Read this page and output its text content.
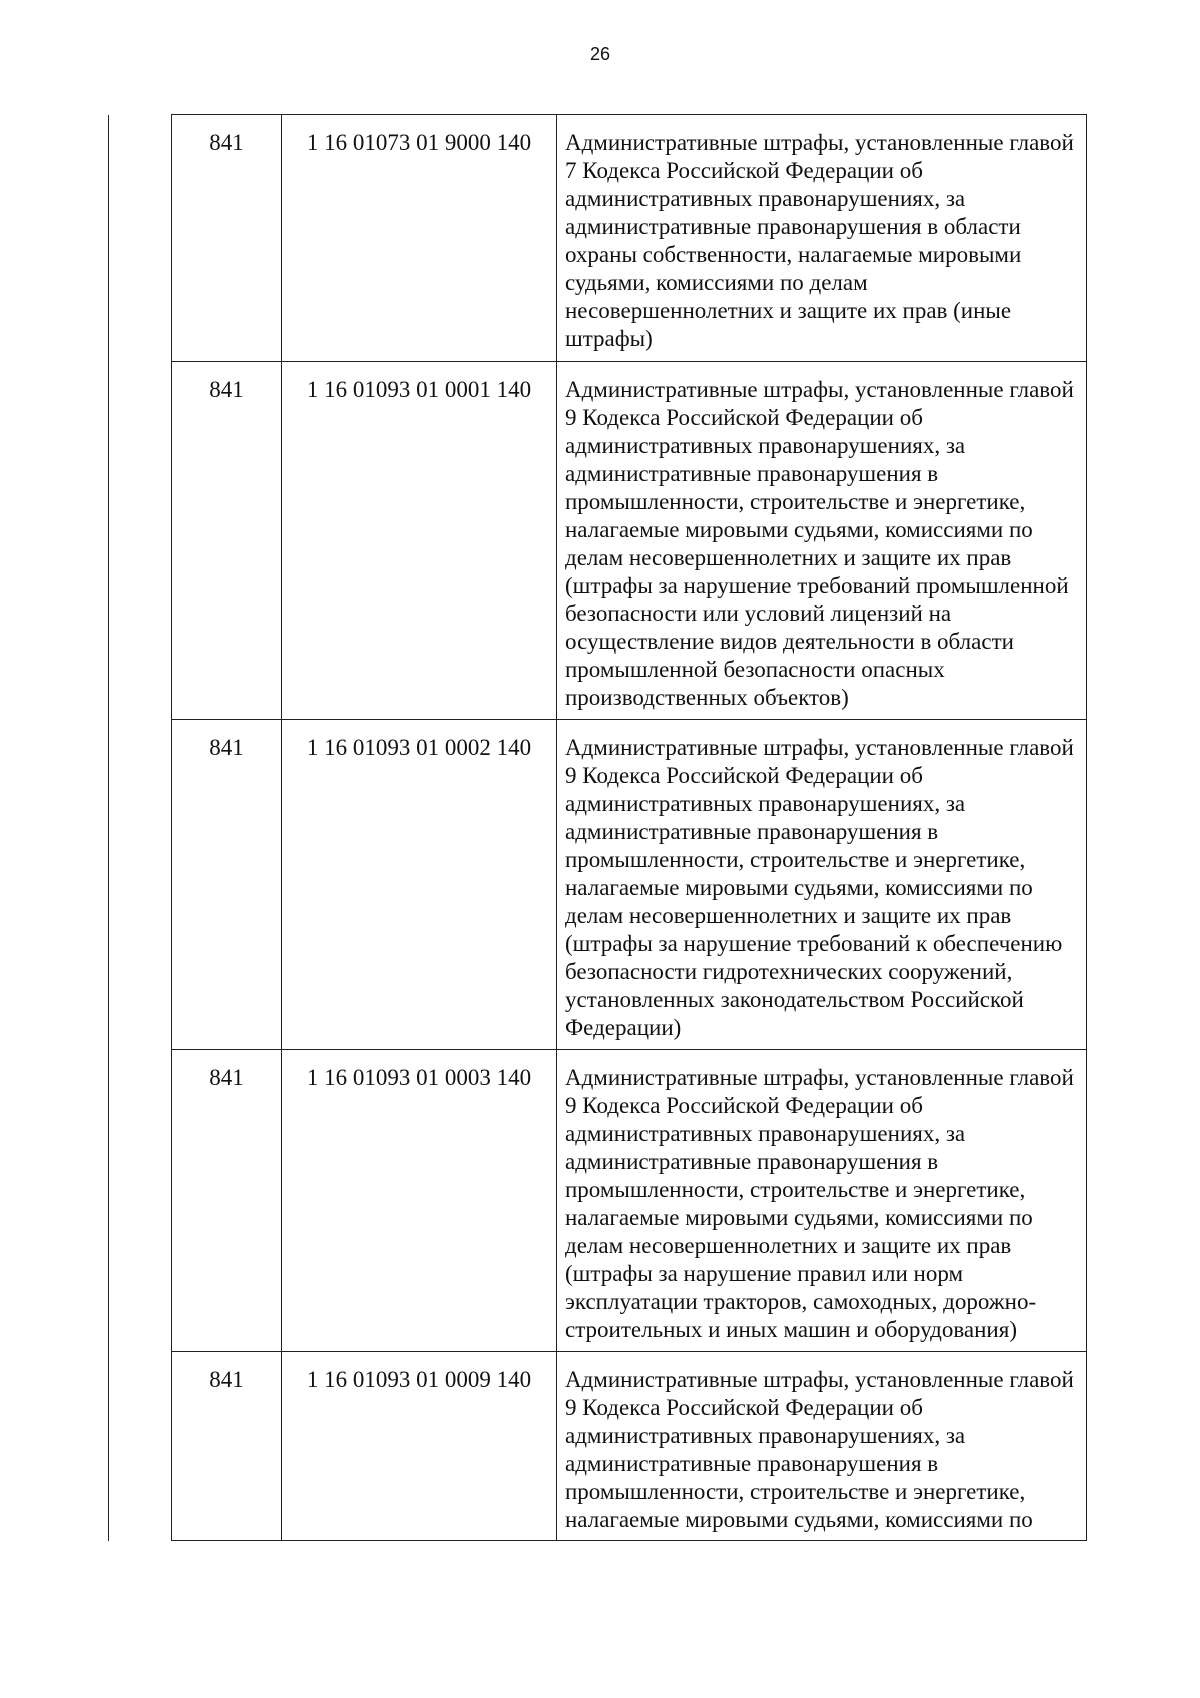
26
	841	1 16 01073 01 9000 140	Административные штрафы, установленные главой 7 Кодекса Российской Федерации об административных правонарушениях, за административные правонарушения в области охраны собственности, налагаемые мировыми судьями, комиссиями по делам несовершеннолетних и защите их прав (иные штрафы)

	841	1 16 01093 01 0001 140	Административные штрафы, установленные главой 9 Кодекса Российской Федерации об административных правонарушениях, за административные правонарушения в промышленности, строительстве и энергетике, налагаемые мировыми судьями, комиссиями по делам несовершеннолетних и защите их прав (штрафы за нарушение требований промышленной безопасности или условий лицензий на осуществление видов деятельности в области промышленной безопасности опасных производственных объектов)

	841	1 16 01093 01 0002 140	Административные штрафы, установленные главой 9 Кодекса Российской Федерации об административных правонарушениях, за административные правонарушения в промышленности, строительстве и энергетике, налагаемые мировыми судьями, комиссиями по делам несовершеннолетних и защите их прав (штрафы за нарушение требований к обеспечению безопасности гидротехнических сооружений, установленных законодательством Российской Федерации)

	841	1 16 01093 01 0003 140	Административные штрафы, установленные главой 9 Кодекса Российской Федерации об административных правонарушениях, за административные правонарушения в промышленности, строительстве и энергетике, налагаемые мировыми судьями, комиссиями по делам несовершеннолетних и защите их прав (штрафы за нарушение правил или норм эксплуатации тракторов, самоходных, дорожно-строительных и иных машин и оборудования)

	841	1 16 01093 01 0009 140	Административные штрафы, установленные главой 9 Кодекса Российской Федерации об административных правонарушениях, за административные правонарушения в промышленности, строительстве и энергетике, налагаемые мировыми судьями, комиссиями по
